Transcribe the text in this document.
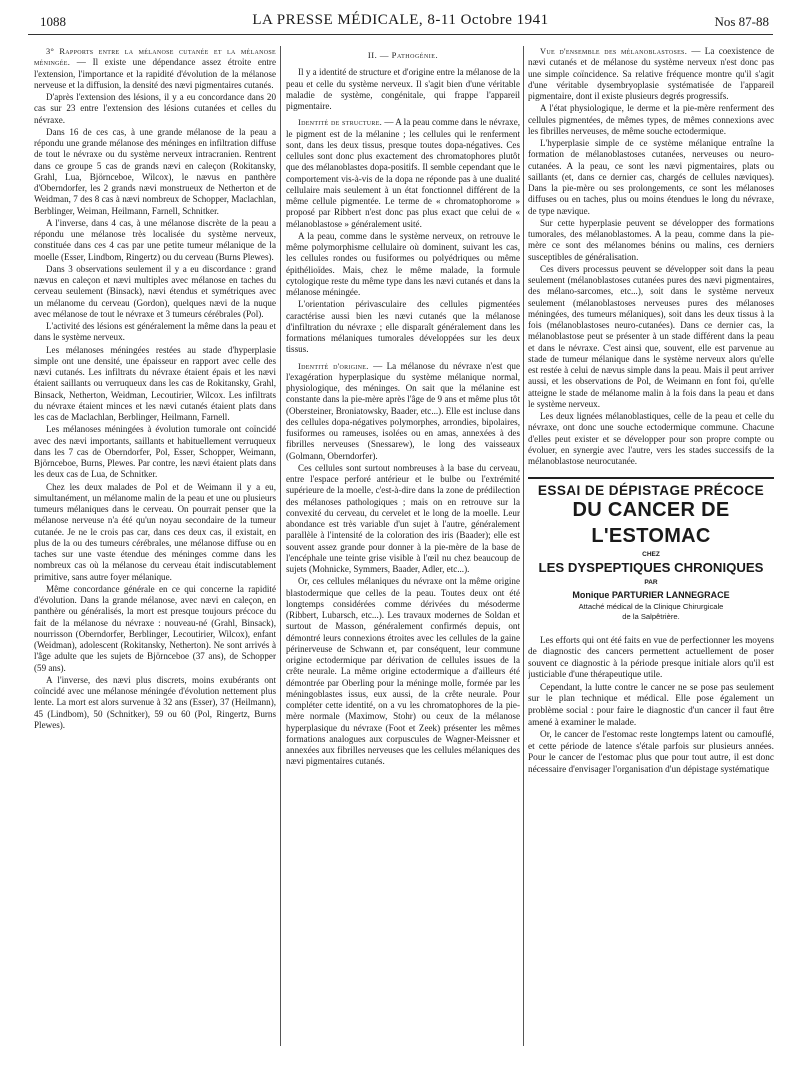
1088	LA PRESSE MÉDICALE, 8-11 Octobre 1941	Nos 87-88

3° Rapports entre la mélanose cutanée et la mélanose méningée. — Il existe une dépendance assez étroite entre l'extension, l'importance et la rapidité d'évolution de la mélanose nerveuse et la diffusion, la densité des nævi pigmentaires cutanés.

D'après l'extension des lésions, il y a eu concordance dans 20 cas sur 23 entre l'extension des lésions cutanées et celles du névraxe.

Dans 16 de ces cas, à une grande mélanose de la peau a répondu une grande mélanose des méninges en infiltration diffuse de tout le névraxe ou du système nerveux intracranien. Rentrent dans ce groupe 5 cas de grands nævi en caleçon (Rokitansky, Grahl, Lua, Björnceboe, Wilcox), le nævus en panthère d'Oberndorfer, les 2 grands nævi monstrueux de Netherton et de Weidman, 7 des 8 cas à nævi nombreux de Schopper, Maclachlan, Berblinger, Weiman, Heilmann, Farnell, Schnitker.

A l'inverse, dans 4 cas, à une mélanose discrète de la peau a répondu une mélanose très localisée du système nerveux, constituée dans ces 4 cas par une petite tumeur mélanique de la moelle (Esser, Lindbom, Ringertz) ou du cerveau (Burns Plewes).

Dans 3 observations seulement il y a eu discordance : grand nævus en caleçon et nævi multiples avec mélanose en taches du cerveau seulement (Binsack), nævi étendus et symétriques avec un mélanome du cerveau (Gordon), quelques nævi de la nuque avec mélanose de tout le névraxe et 3 tumeurs cérébrales (Pol).

L'activité des lésions est généralement la même dans la peau et dans le système nerveux.

Les mélanoses méningées restées au stade d'hyperplasie simple ont une densité, une épaisseur en rapport avec celle des nævi cutanés. Les infiltrats du névraxe étaient épais et les nævi étaient saillants ou verruqueux dans les cas de Rokitansky, Grahl, Binsack, Netherton, Weidman, Lecoutirier, Wilcox. Les infiltrats du névraxe étaient minces et les nævi cutanés étaient plats dans les cas de Maclachlan, Berblinger, Heilmann, Farnell.

Les mélanoses méningées à évolution tumorale ont coïncidé avec des nævi importants, saillants et habituellement verruqueux dans les 7 cas de Oberndorfer, Pol, Esser, Schopper, Weimann, Björnceboe, Burns, Plewes. Par contre, les nævi étaient plats dans les deux cas de Lua, de Schnitker.

Chez les deux malades de Pol et de Weimann il y a eu, simultanément, un mélanome malin de la peau et une ou plusieurs tumeurs mélaniques dans le cerveau. On pourrait penser que la mélanose nerveuse n'a été qu'un noyau secondaire de la tumeur cutanée. Je ne le crois pas car, dans ces deux cas, il existait, en plus de la ou des tumeurs cérébrales, une mélanose diffuse ou en taches sur une vaste étendue des méninges comme dans les nombreux cas où la mélanose du cerveau était indiscutablement primitive, sans autre foyer mélanique.

Même concordance générale en ce qui concerne la rapidité d'évolution. Dans la grande mélanose, avec nævi en caleçon, en panthère ou généralisés, la mort est presque toujours précoce du fait de la mélanose du névraxe : nouveau-né (Grahl, Binsack), nourrisson (Oberndorfer, Berblinger, Lecoutirier, Wilcox), enfant (Weidman), adolescent (Rokitansky, Netherton). Ne sont arrivés à l'âge adulte que les sujets de Björnceboe (37 ans), de Schopper (59 ans).

A l'inverse, des nævi plus discrets, moins exubérants ont coïncidé avec une mélanose méningée d'évolution nettement plus lente. La mort est alors survenue à 32 ans (Esser), 37 (Heilmann), 45 (Lindbom), 50 (Schnitker), 59 ou 60 (Pol, Ringertz, Burns Plewes).

II. — Pathogénie.

Il y a identité de structure et d'origine entre la mélanose de la peau et celle du système nerveux. Il s'agit bien d'une véritable maladie de système, congénitale, qui frappe l'appareil pigmentaire.

Identité de structure. — A la peau comme dans le névraxe, le pigment est de la mélanine ; les cellules qui le renferment sont, dans les deux tissus, presque toutes dopa-négatives. Ces cellules sont donc plus exactement des chromatophores plutôt que des mélanoblastes dopa-positifs. Il semble cependant que le comportement vis-à-vis de la dopa ne réponde pas à une dualité cellulaire mais seulement à un état fonctionnel différent de la même cellule pigmentée. Le terme de « chromatophorome » proposé par Ribbert n'est donc pas plus exact que celui de « mélanoblastose » généralement usité.

A la peau, comme dans le système nerveux, on retrouve le même polymorphisme cellulaire où dominent, suivant les cas, les cellules rondes ou fusiformes ou polyédriques ou même épithélioïdes. Mais, chez le même malade, la formule cytologique reste du même type dans les nævi cutanés et dans la mélanose méningée.

L'orientation périvasculaire des cellules pigmentées caractérise aussi bien les nævi cutanés que la mélanose d'infiltration du névraxe ; elle disparaît généralement dans les formations mélaniques tumorales développées sur les deux tissus.

Identité d'origine. — La mélanose du névraxe n'est que l'exagération hyperplasique du système mélanique normal, physiologique, des méninges. On sait que la mélanine est constante dans la pie-mère après l'âge de 9 ans et même plus tôt (Obersteiner, Broniatowsky, Baader, etc...). Elle est incluse dans des cellules dopa-négatives polymorphes, arrondies, bipolaires, fusiformes ou rameuses, isolées ou en amas, annexées à des fibrilles nerveuses (Snessarew), le long des vaisseaux (Golmann, Oberndorfer).

Ces cellules sont surtout nombreuses à la base du cerveau, entre l'espace perforé antérieur et le bulbe ou l'extrémité supérieure de la moelle, c'est-à-dire dans la zone de prédilection des mélanoses pathologiques ; mais on en retrouve sur la convexité du cerveau, du cervelet et le long de la moelle. Leur abondance est très variable d'un sujet à l'autre, généralement parallèle à l'intensité de la coloration des iris (Baader); elle est souvent assez grande pour donner à la pie-mère de la base de l'encéphale une teinte grise visible à l'œil nu chez beaucoup de sujets (Mohnicke, Symmers, Baader, Adler, etc...).

Or, ces cellules mélaniques du névraxe ont la même origine blastodermique que celles de la peau. Toutes deux ont été longtemps considérées comme dérivées du mésoderme (Ribbert, Lubarsch, etc...). Les travaux modernes de Soldan et surtout de Masson, généralement confirmés depuis, ont démontré leurs connexions étroites avec les cellules de la gaine périnerveuse de Schwann et, par conséquent, leur commune origine ectodermique par dérivation de cellules issues de la crête neurale. La même origine ectodermique a d'ailleurs été démontrée par Oberling pour la méninge molle, formée par les méningoblastes issus, eux aussi, de la crête neurale. Pour compléter cette identité, on a vu les chromatophores de la pie-mère normale (Maximow, Stohr) ou ceux de la mélanose hyperplasique du névraxe (Foot et Zeek) présenter les mêmes formations analogues aux corpuscules de Wagner-Meissner et annexées aux fibrilles nerveuses que les cellules mélaniques des nævi pigmentaires cutanés.

Vue d'ensemble des mélanoblastoses. — La coexistence de nævi cutanés et de mélanose du système nerveux n'est donc pas une simple coïncidence. Sa relative fréquence montre qu'il s'agit d'une véritable dysembryoplasie systématisée de l'appareil pigmentaire, dont il existe plusieurs degrés progressifs.

A l'état physiologique, le derme et la pie-mère renferment des cellules pigmentées, de mêmes types, de mêmes connexions avec les fibrilles nerveuses, de même souche ectodermique.

L'hyperplasie simple de ce système mélanique entraîne la formation de mélanoblastoses cutanées, nerveuses ou neuro-cutanées. A la peau, ce sont les nævi pigmentaires, plats ou saillants (et, dans ce dernier cas, chargés de cellules næviques). Dans la pie-mère ou ses prolongements, ce sont les mélanoses diffuses ou en taches, plus ou moins étendues le long du névraxe, de type nævique.

Sur cette hyperplasie peuvent se développer des formations tumorales, des mélanoblastomes. A la peau, comme dans la pie-mère ce sont des mélanomes bénins ou malins, ces derniers susceptibles de généralisation.

Ces divers processus peuvent se développer soit dans la peau seulement (mélanoblastoses cutanées pures des nævi pigmentaires, des mélano-sarcomes, etc...), soit dans le système nerveux seulement (mélanoblastoses nerveuses pures des mélanoses méningées, des tumeurs mélaniques), soit dans les deux tissus à la fois (mélanoblastoses neuro-cutanées). Dans ce dernier cas, la mélanoblastose peut se présenter à un stade différent dans la peau et dans le névraxe. C'est ainsi que, souvent, elle est parvenue au stade de tumeur mélanique dans le système nerveux alors qu'elle est restée à celui de nævus simple dans la peau. Mais il peut arriver aussi, et les observations de Pol, de Weimann en font foi, qu'elle atteigne le stade de mélanome malin à la fois dans la peau et dans le système nerveux.

Les deux lignées mélanoblastiques, celle de la peau et celle du névraxe, ont donc une souche ectodermique commune. Chacune d'elles peut exister et se développer pour son propre compte ou évoluer, en synergie avec l'autre, vers les stades successifs de la mélanoblastose neurocutanée.

ESSAI DE DÉPISTAGE PRÉCOCE
DU CANCER DE L'ESTOMAC
CHEZ
LES DYSPEPTIQUES CHRONIQUES
PAR
Monique PARTURIER LANNEGRACE
Attaché médical de la Clinique Chirurgicale
de la Salpêtrière.

Les efforts qui ont été faits en vue de perfectionner les moyens de diagnostic des cancers permettent actuellement de poser souvent ce diagnostic à la période presque initiale alors qu'il est justiciable d'une thérapeutique utile.

Cependant, la lutte contre le cancer ne se pose pas seulement sur le plan technique et médical. Elle pose également un problème social : pour faire le diagnostic d'un cancer il faut être amené à examiner le malade.

Or, le cancer de l'estomac reste longtemps latent ou camouflé, et cette période de latence s'étale parfois sur plusieurs années. Pour le cancer de l'estomac plus que pour tout autre, il est donc nécessaire d'envisager l'organisation d'un dépistage systématique
